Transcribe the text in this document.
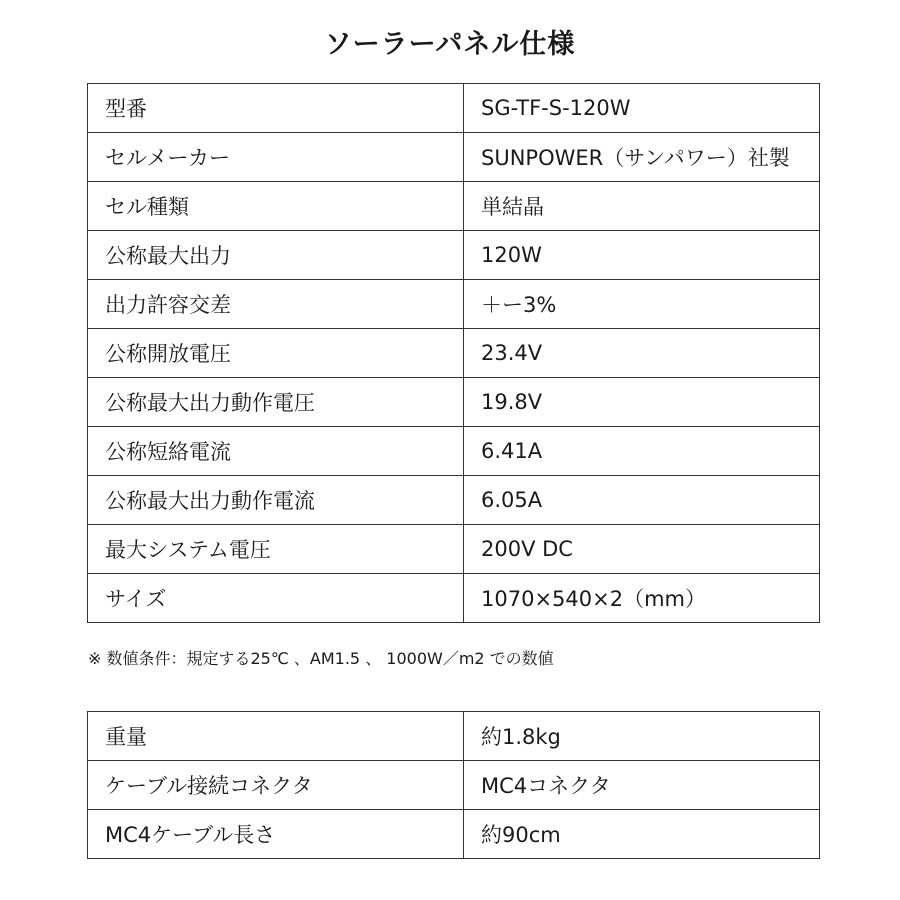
ソーラーパネル仕様
型番	SG-TF-S-120W
セルメーカー	SUNPOWER（サンパワー）社製
セル種類	単結晶
公称最大出力	120W
出力許容交差	＋ー3%
公称開放電圧	23.4V
公称最大出力動作電圧	19.8V
公称短絡電流	6.41A
公称最大出力動作電流	6.05A
最大システム電圧	200V DC
サイズ	1070×540×2（mm）
※ 数値条件：規定する25℃ 、AM1.5 、 1000W／m2 での数値
重量	約1.8kg
ケーブル接続コネクタ	MC4コネクタ
MC4ケーブル長さ	約90cm
